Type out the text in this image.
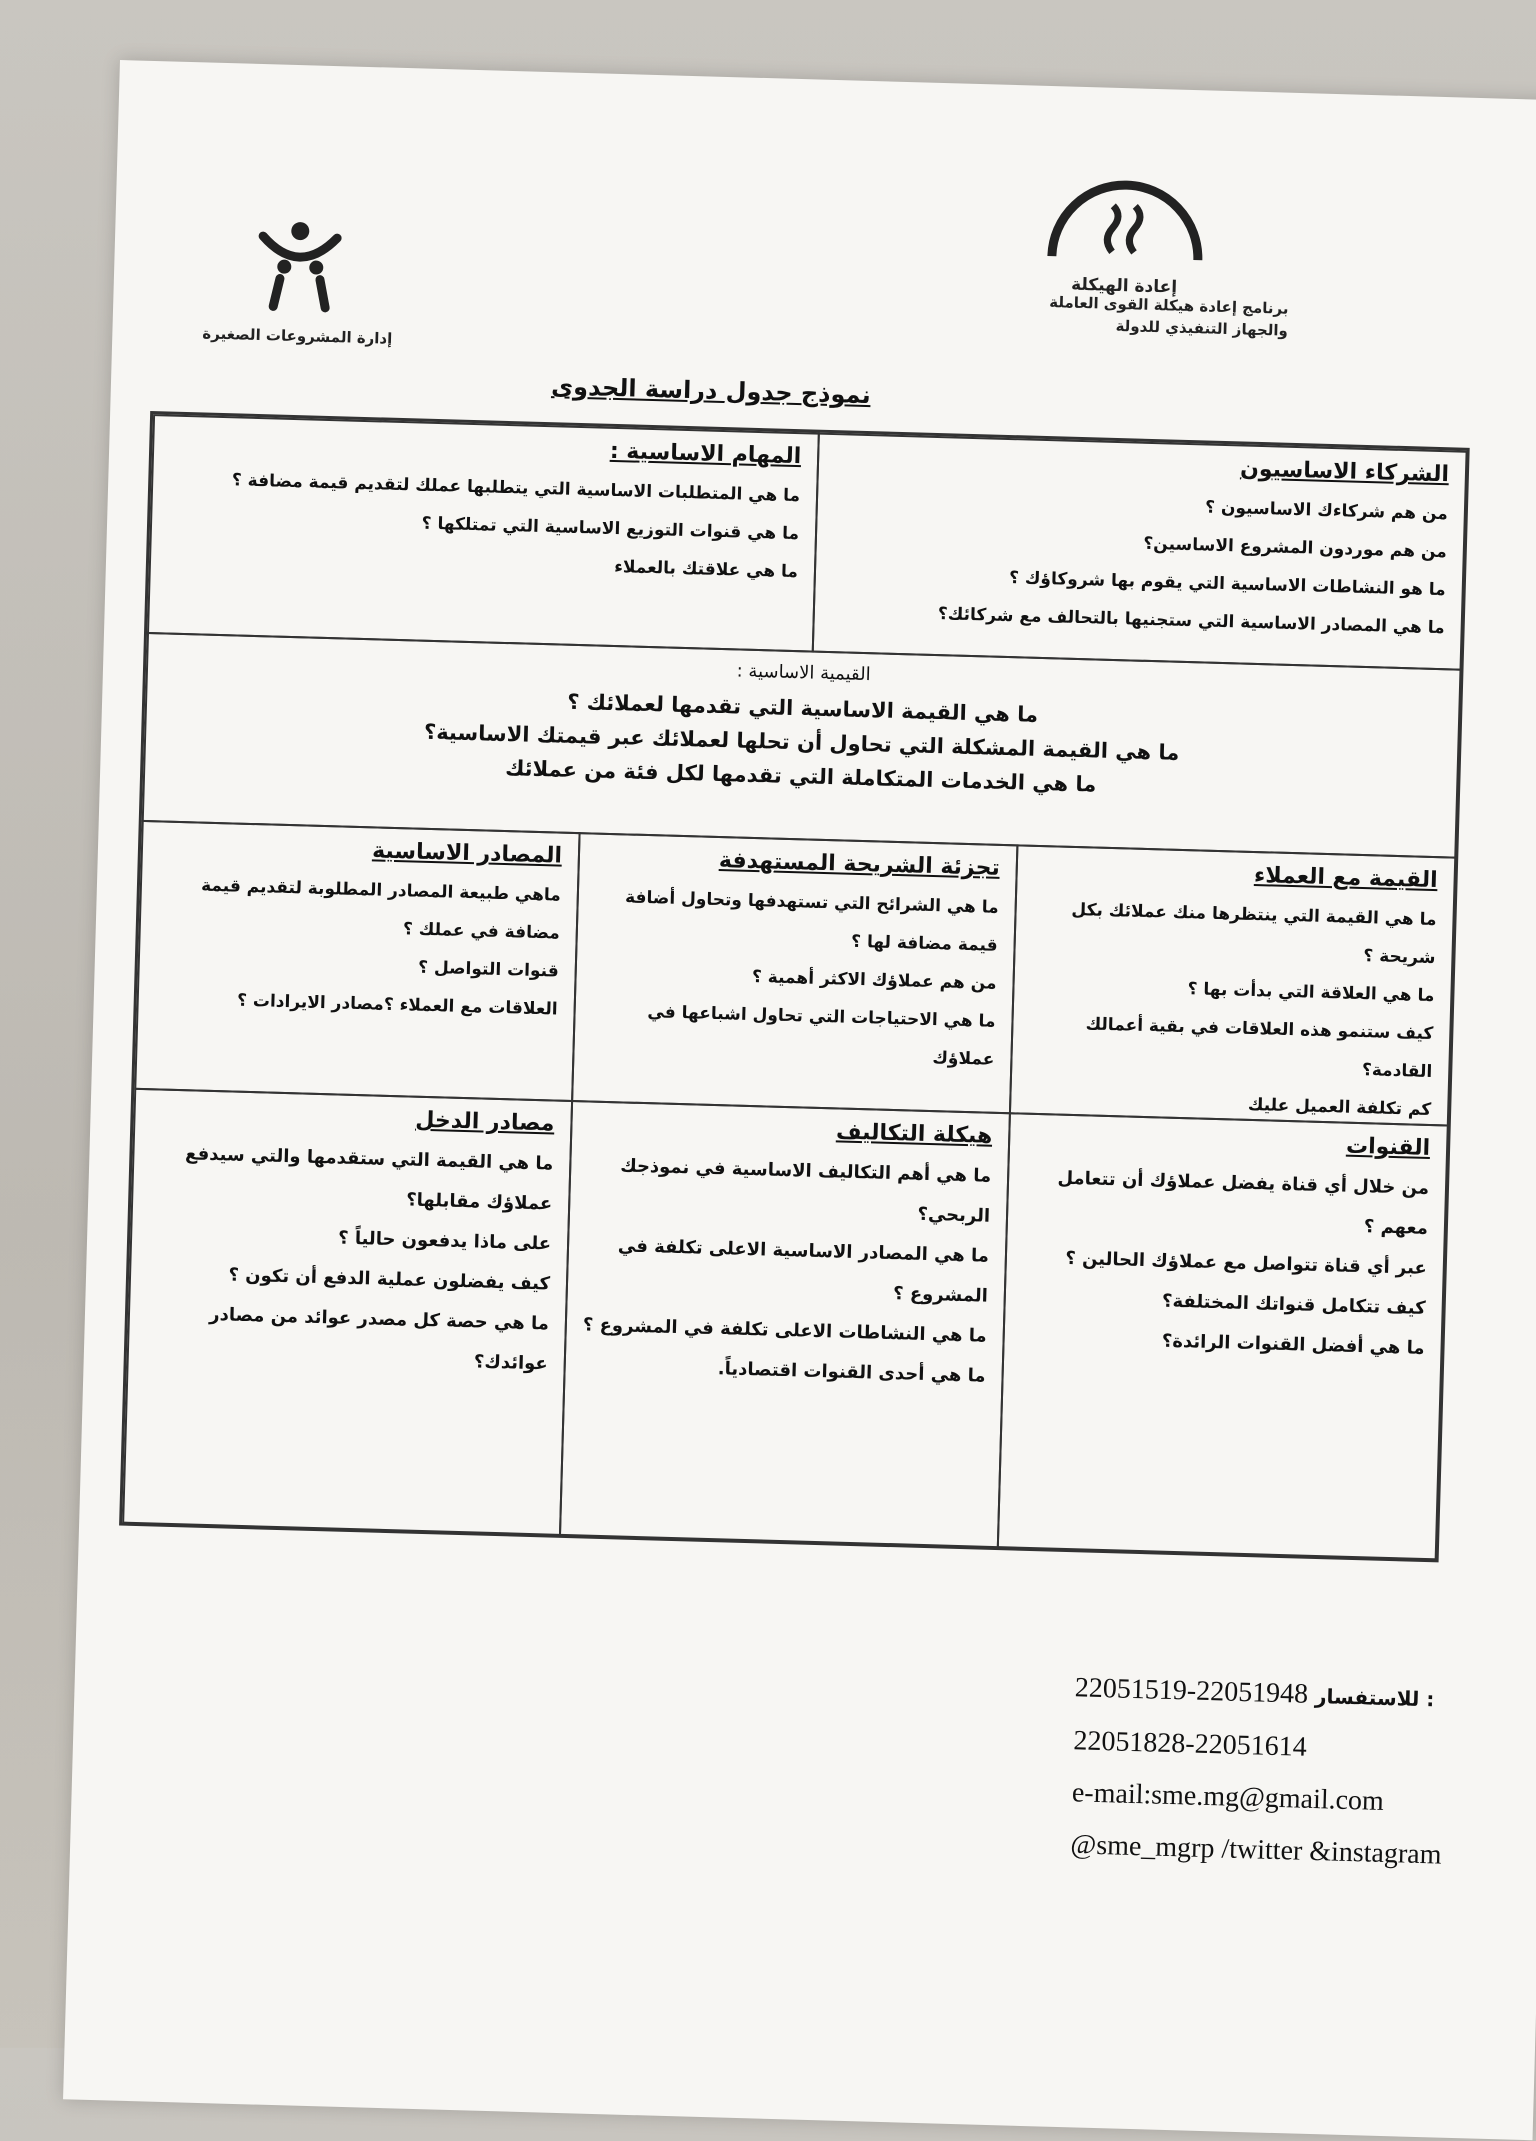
إعادة الهيكلة
برنامج إعادة هيكلة القوى العاملة
والجهاز التنفيذي للدولة
إدارة المشروعات الصغيرة
نموذج جدول دراسة الجدوى
الشركاء الاساسيون
من هم شركاءك الاساسيون ؟
من هم موردون المشروع الاساسين؟
ما هو النشاطات الاساسية التي يقوم بها شروكاؤك ؟
ما هي المصادر الاساسية التي ستجنيها بالتحالف مع شركائك؟
المهام الاساسية :
ما هي المتطلبات الاساسية التي يتطلبها عملك لتقديم قيمة مضافة ؟
ما هي قنوات التوزيع الاساسية التي تمتلكها ؟
ما هي علاقتك بالعملاء
القيمية الاساسية :
ما هي القيمة الاساسية التي تقدمها لعملائك ؟
ما هي القيمة المشكلة التي تحاول أن تحلها لعملائك عبر قيمتك الاساسية؟
ما هي الخدمات المتكاملة التي تقدمها لكل فئة من عملائك
القيمة مع العملاء
ما هي القيمة التي ينتظرها منك عملائك بكل شريحة ؟
ما هي العلاقة التي بدأت بها ؟
كيف ستنمو هذه العلاقات في بقية أعمالك القادمة؟
كم تكلفة العميل عليك
تجزئة الشريحة المستهدفة
ما هي الشرائح التي تستهدفها وتحاول أضافة قيمة مضافة لها ؟
من هم عملاؤك الاكثر أهمية ؟
ما هي الاحتياجات التي تحاول اشباعها في عملاؤك
المصادر الاساسية
ماهي طبيعة المصادر المطلوبة لتقديم قيمة مضافة في عملك ؟
قنوات التواصل ؟
العلاقات مع العملاء ؟مصادر الايرادات ؟
القنوات
من خلال أي قناة يفضل عملاؤك أن تتعامل معهم ؟
عبر أي قناة تتواصل مع عملاؤك الحالين ؟
كيف تتكامل قنواتك المختلفة؟
ما هي أفضل القنوات الرائدة؟
هيكلة التكاليف
ما هي أهم التكاليف الاساسية في نموذجك الربحي؟
ما هي المصادر الاساسية الاعلى تكلفة في المشروع ؟
ما هي النشاطات الاعلى تكلفة في المشروع ؟
ما هي أحدى القنوات اقتصادياً.
مصادر الدخل
ما هي القيمة التي ستقدمها والتي سيدفع عملاؤك مقابلها؟
على ماذا يدفعون حالياً ؟
كيف يفضلون عملية الدفع أن تكون ؟
ما هي حصة كل مصدر عوائد من مصادر عوائدك؟
22051519-22051948 للاستفسار :
22051828-22051614
e-mail:sme.mg@gmail.com
@sme_mgrp /twitter &instagram
